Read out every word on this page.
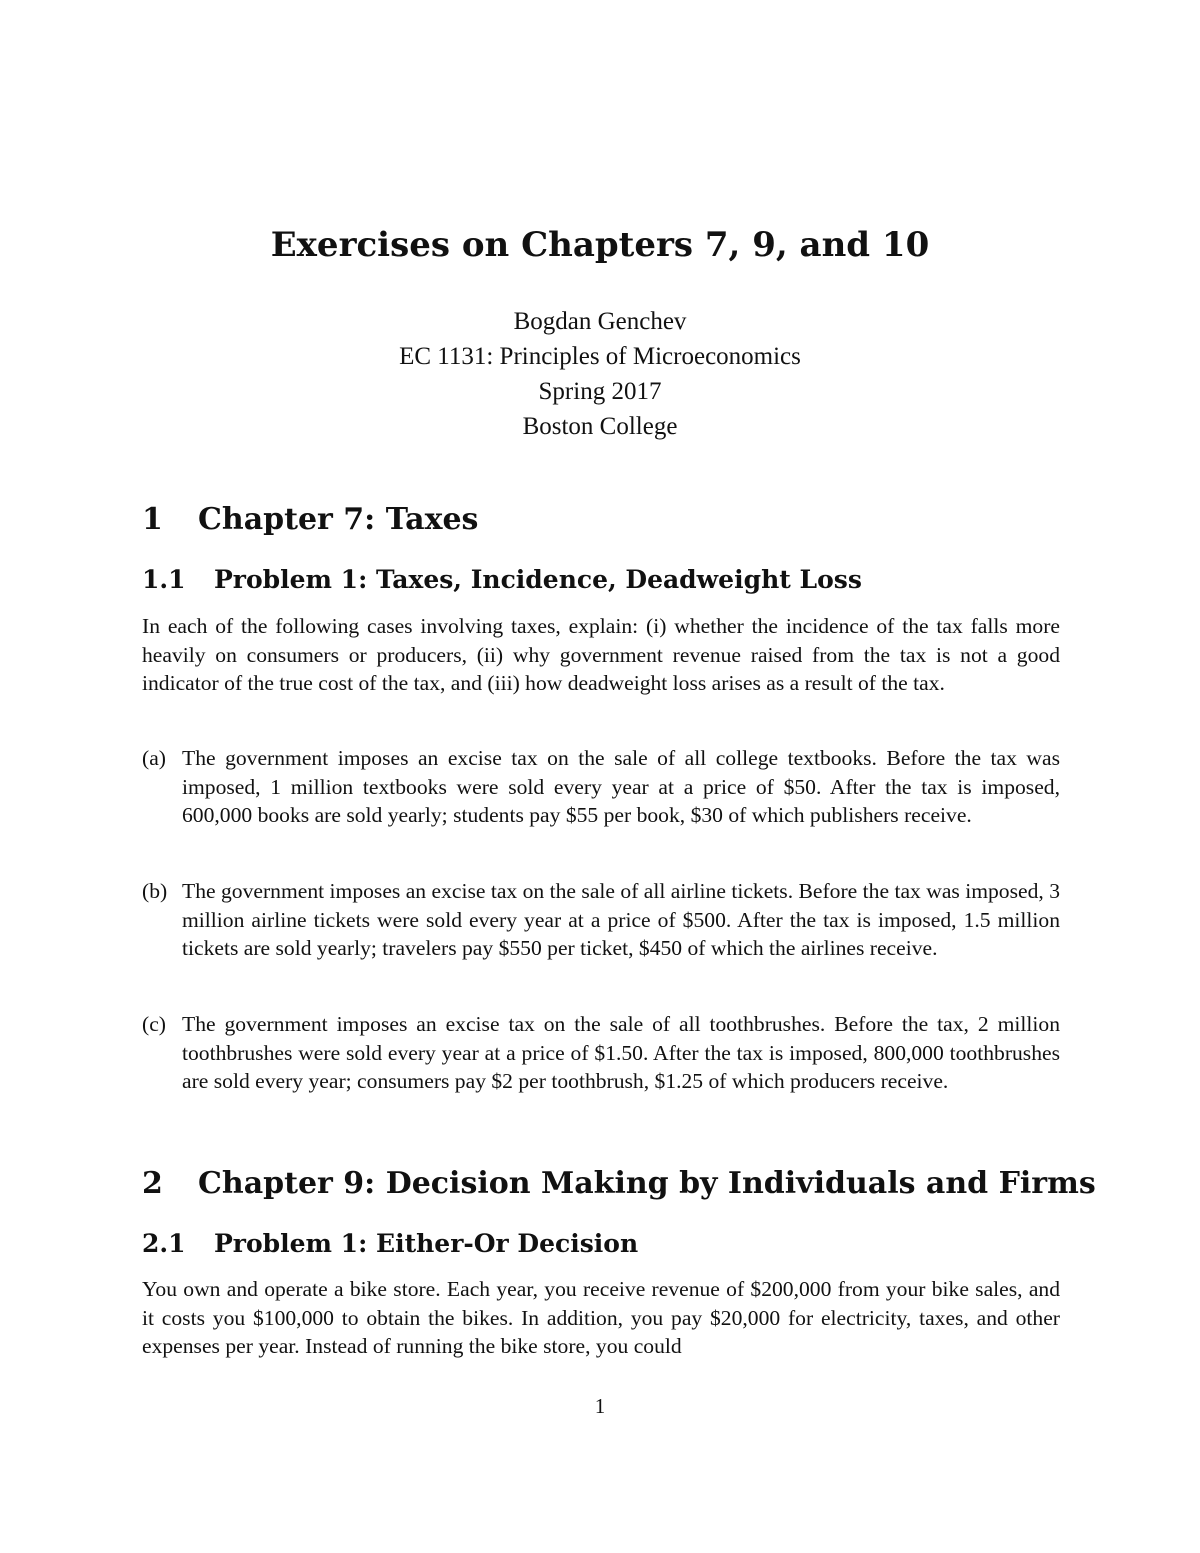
Exercises on Chapters 7, 9, and 10

Bogdan Genchev

EC 1131: Principles of Microeconomics

Spring 2017

Boston College

1 Chapter 7: Taxes
1.1 Problem 1: Taxes, Incidence, Deadweight Loss

In each of the following cases involving taxes, explain: (i) whether the incidence of the tax falls more heavily on consumers or producers, (ii) why government revenue raised from the tax is not a good indicator of the true cost of the tax, and (iii) how deadweight loss arises as a result of the tax.

(a) The government imposes an excise tax on the sale of all college textbooks. Before the tax was imposed, 1 million textbooks were sold every year at a price of $50. After the tax is imposed, 600,000 books are sold yearly; students pay $55 per book, $30 of which publishers receive.
(b) The government imposes an excise tax on the sale of all airline tickets. Before the tax was imposed, 3 million airline tickets were sold every year at a price of $500. After the tax is imposed, 1.5 million tickets are sold yearly; travelers pay $550 per ticket, $450 of which the airlines receive.
(c) The government imposes an excise tax on the sale of all toothbrushes. Before the tax, 2 million toothbrushes were sold every year at a price of $1.50. After the tax is imposed, 800,000 toothbrushes are sold every year; consumers pay $2 per toothbrush, $1.25 of which producers receive.
2 Chapter 9: Decision Making by Individuals and Firms
2.1 Problem 1: Either-Or Decision

You own and operate a bike store. Each year, you receive revenue of $200,000 from your bike sales, and it costs you $100,000 to obtain the bikes. In addition, you pay $20,000 for electricity, taxes, and other expenses per year. Instead of running the bike store, you could

1
